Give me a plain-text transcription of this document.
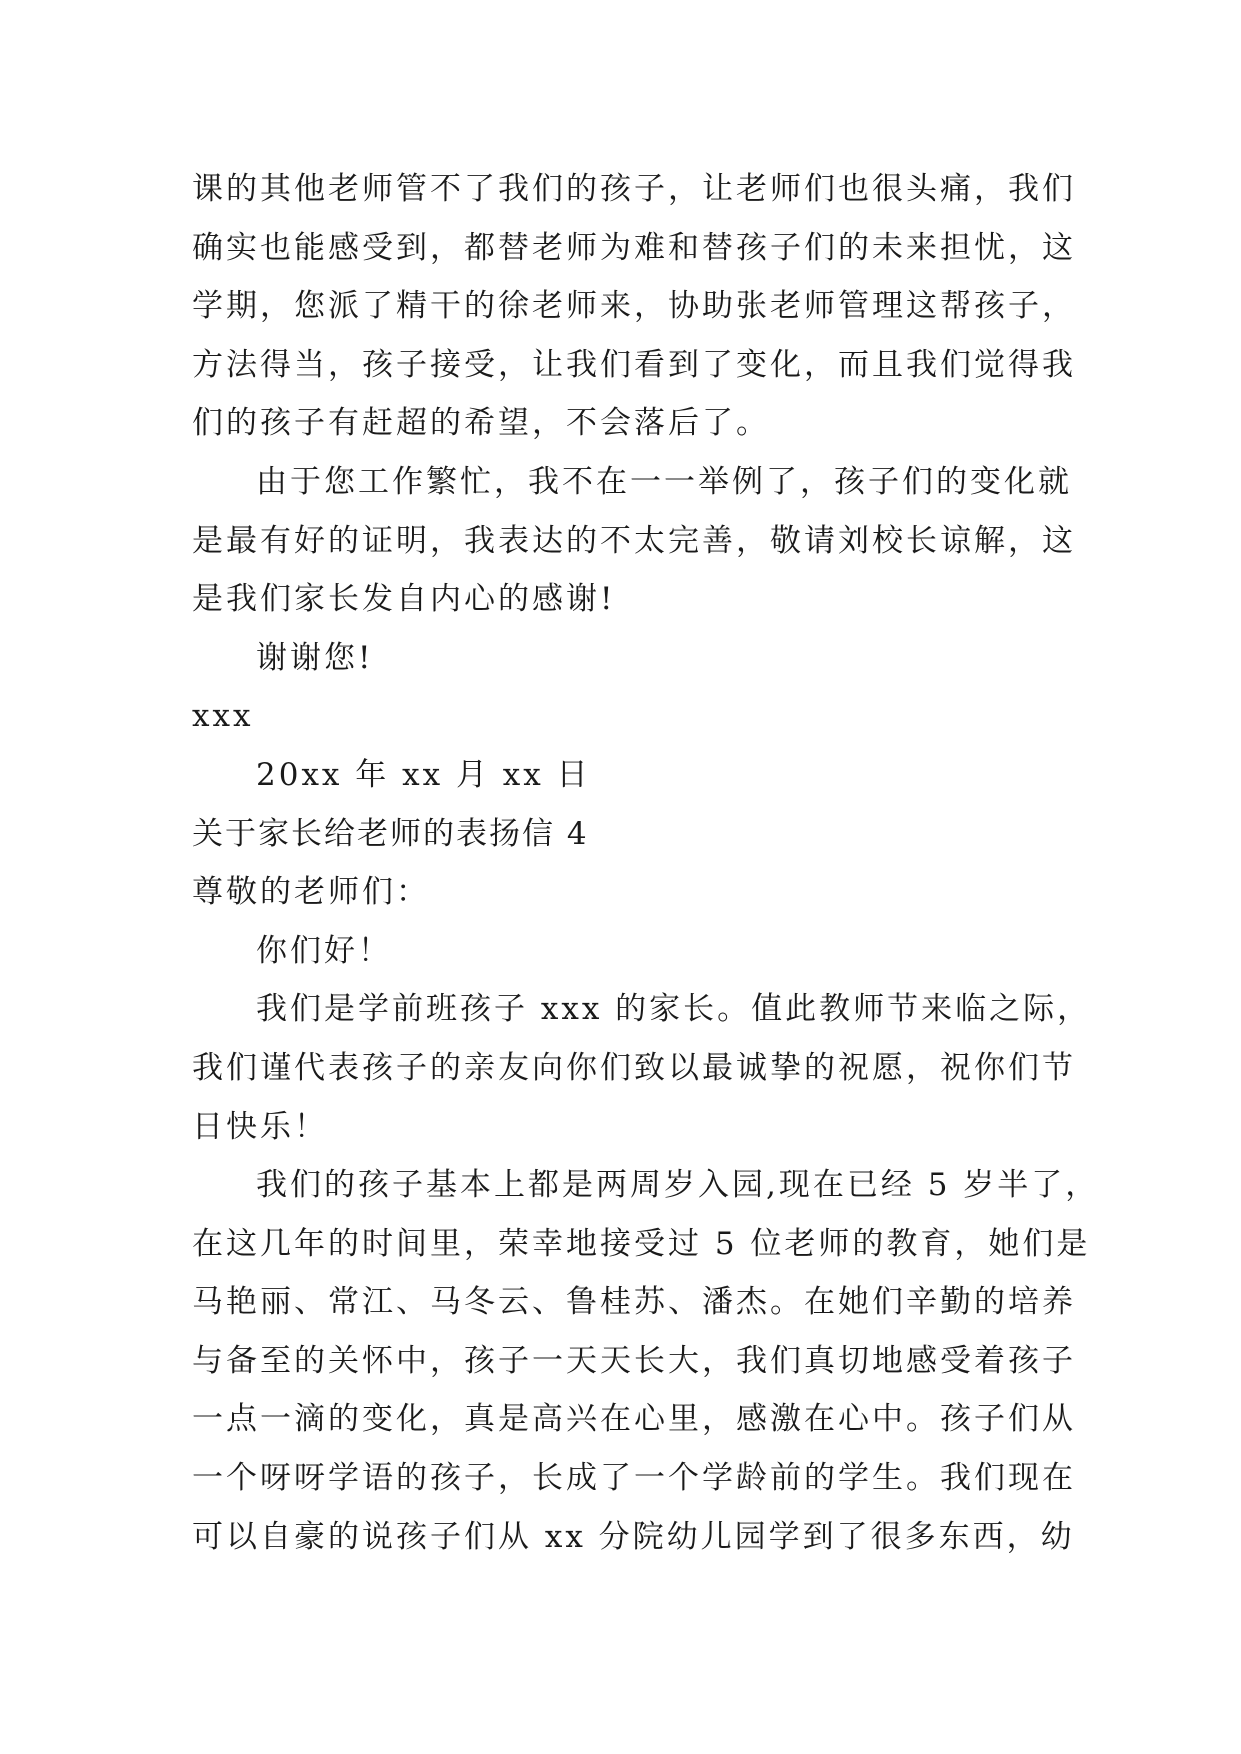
课的其他老师管不了我们的孩子，让老师们也很头痛，我们

确实也能感受到，都替老师为难和替孩子们的未来担忧，这

学期，您派了精干的徐老师来，协助张老师管理这帮孩子，

方法得当，孩子接受，让我们看到了变化，而且我们觉得我

们的孩子有赶超的希望，不会落后了。

由于您工作繁忙，我不在一一举例了，孩子们的变化就

是最有好的证明，我表达的不太完善，敬请刘校长谅解，这

是我们家长发自内心的感谢!

谢谢您!

xxx

20xx 年 xx 月 xx 日

关于家长给老师的表扬信 4

尊敬的老师们：

你们好！

我们是学前班孩子 xxx 的家长。值此教师节来临之际，

我们谨代表孩子的亲友向你们致以最诚挚的祝愿，祝你们节

日快乐！

我们的孩子基本上都是两周岁入园,现在已经 5 岁半了，

在这几年的时间里，荣幸地接受过 5 位老师的教育，她们是

马艳丽、常江、马冬云、鲁桂苏、潘杰。在她们辛勤的培养

与备至的关怀中，孩子一天天长大，我们真切地感受着孩子

一点一滴的变化，真是高兴在心里，感激在心中。孩子们从

一个呀呀学语的孩子，长成了一个学龄前的学生。我们现在

可以自豪的说孩子们从 xx 分院幼儿园学到了很多东西，幼
